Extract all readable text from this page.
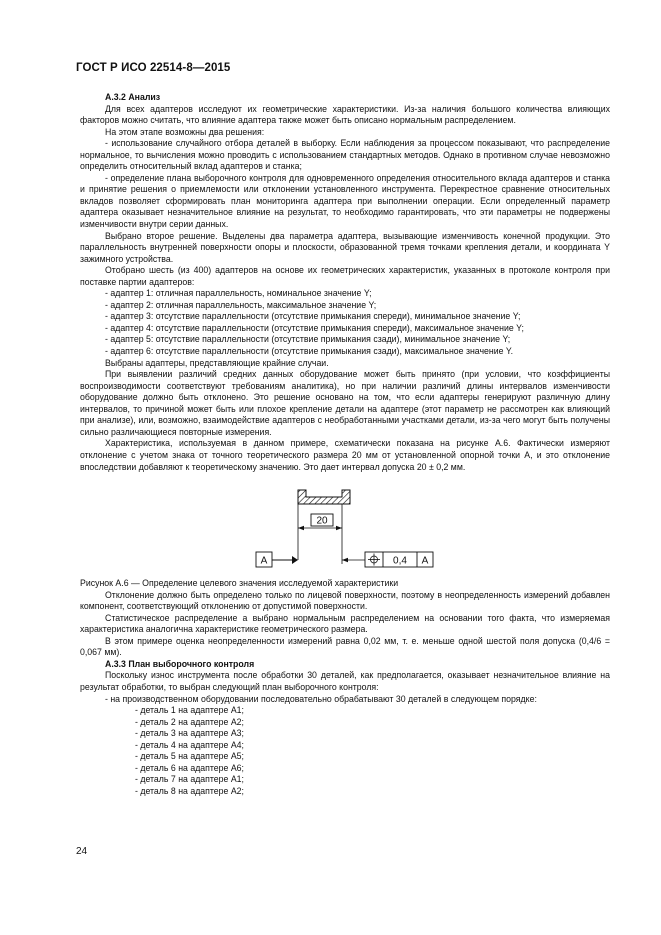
ГОСТ Р ИСО 22514-8—2015

А.3.2 Анализ

Для всех адаптеров исследуют их геометрические характеристики. Из-за наличия большого количества влияющих факторов можно считать, что влияние адаптера также может быть описано нормальным распределением.

На этом этапе возможны два решения:

- использование случайного отбора деталей в выборку. Если наблюдения за процессом показывают, что распределение нормальное, то вычисления можно проводить с использованием стандартных методов. Однако в противном случае невозможно определить относительный вклад адаптеров и станка;

- определение плана выборочного контроля для одновременного определения относительного вклада адаптеров и станка и принятие решения о приемлемости или отклонении установленного инструмента. Перекрестное сравнение относительных вкладов позволяет сформировать план мониторинга адаптера при выполнении операции. Если определенный параметр адаптера оказывает незначительное влияние на результат, то необходимо гарантировать, что эти параметры не подвержены изменчивости внутри серии данных.

Выбрано второе решение. Выделены два параметра адаптера, вызывающие изменчивость конечной продукции. Это параллельность внутренней поверхности опоры и плоскости, образованной тремя точками крепления детали, и координата Y зажимного устройства.

Отобрано шесть (из 400) адаптеров на основе их геометрических характеристик, указанных в протоколе контроля при поставке партии адаптеров:

- адаптер 1: отличная параллельность, номинальное значение Y;

- адаптер 2: отличная параллельность, максимальное значение Y;

- адаптер 3: отсутствие параллельности (отсутствие примыкания спереди), минимальное значение Y;

- адаптер 4: отсутствие параллельности (отсутствие примыкания спереди), максимальное значение Y;

- адаптер 5: отсутствие параллельности (отсутствие примыкания сзади), минимальное значение Y;

- адаптер 6: отсутствие параллельности (отсутствие примыкания сзади), максимальное значение Y.

Выбраны адаптеры, представляющие крайние случаи.

При выявлении различий средних данных оборудование может быть принято (при условии, что коэффициенты воспроизводимости соответствуют требованиям аналитика), но при наличии различий длины интервалов изменчивости оборудование должно быть отклонено. Это решение основано на том, что если адаптеры генерируют различную длину интервалов, то причиной может быть или плохое крепление детали на адаптере (этот параметр не рассмотрен как влияющий при анализе), или, возможно, взаимодействие адаптеров с необработанными участками детали, из-за чего могут быть получены сильно различающиеся повторные измерения.

Характеристика, используемая в данном примере, схематически показана на рисунке А.6. Фактически измеряют отклонение с учетом знака от точного теоретического размера 20 мм от установленной опорной точки А, и это отклонение впоследствии добавляют к теоретическому значению. Это дает интервал допуска 20 ± 0,2 мм.

20
A	0,4 A

Рисунок А.6 — Определение целевого значения исследуемой характеристики

Отклонение должно быть определено только по лицевой поверхности, поэтому в неопределенность измерений добавлен компонент, соответствующий отклонению от допустимой поверхности.

Статистическое распределение а выбрано нормальным распределением на основании того факта, что измеряемая характеристика аналогична характеристике геометрического размера.

В этом примере оценка неопределенности измерений равна 0,02 мм, т. е. меньше одной шестой поля допуска (0,4/6 = 0,067 мм).

А.3.3 План выборочного контроля

Поскольку износ инструмента после обработки 30 деталей, как предполагается, оказывает незначительное влияние на результат обработки, то выбран следующий план выборочного контроля:

- на производственном оборудовании последовательно обрабатывают 30 деталей в следующем порядке:

- деталь 1 на адаптере А1;

- деталь 2 на адаптере А2;

- деталь 3 на адаптере А3;

- деталь 4 на адаптере А4;

- деталь 5 на адаптере А5;

- деталь 6 на адаптере А6;

- деталь 7 на адаптере А1;

- деталь 8 на адаптере А2;

24
